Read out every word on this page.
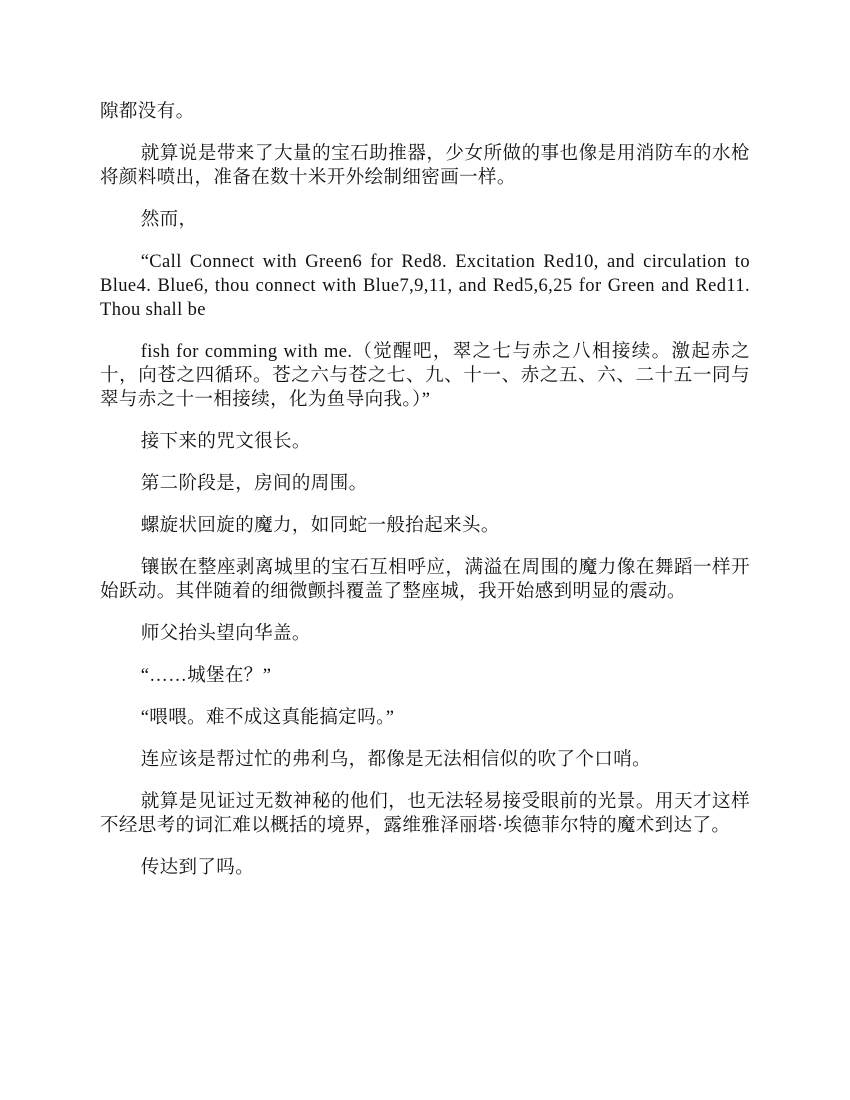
隙都没有。

就算说是带来了大量的宝石助推器，少女所做的事也像是用消防车的水枪将颜料喷出，准备在数十米开外绘制细密画一样。

然而，

“Call Connect with Green6 for Red8. Excitation Red10, and circulation to Blue4. Blue6, thou connect with Blue7,9,11, and Red5,6,25 for Green and Red11. Thou shall be

fish for comming with me.（觉醒吧，翠之七与赤之八相接续。激起赤之十，向苍之四循环。苍之六与苍之七、九、十一、赤之五、六、二十五一同与翠与赤之十一相接续，化为鱼导向我。）”

接下来的咒文很长。

第二阶段是，房间的周围。

螺旋状回旋的魔力，如同蛇一般抬起来头。

镶嵌在整座剥离城里的宝石互相呼应，满溢在周围的魔力像在舞蹈一样开始跃动。其伴随着的细微颤抖覆盖了整座城，我开始感到明显的震动。

师父抬头望向华盖。

“……城堡在？”

“喂喂。难不成这真能搞定吗。”

连应该是帮过忙的弗利乌，都像是无法相信似的吹了个口哨。

就算是见证过无数神秘的他们，也无法轻易接受眼前的光景。用天才这样不经思考的词汇难以概括的境界，露维雅泽丽塔·埃德菲尔特的魔术到达了。

传达到了吗。
